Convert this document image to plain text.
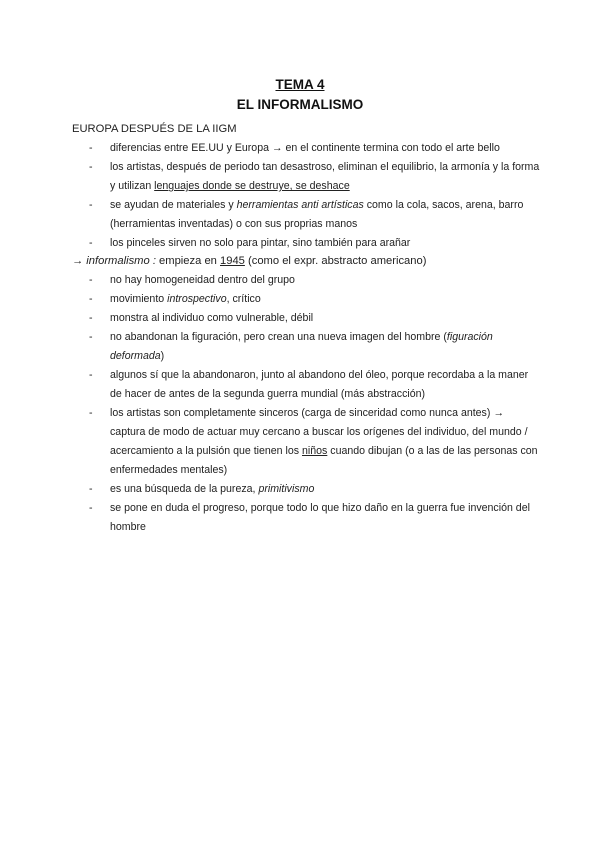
TEMA 4
EL INFORMALISMO
EUROPA DESPUÉS DE LA IIGM
- diferencias entre EE.UU y Europa → en el continente termina con todo el arte bello
- los artistas, después de periodo tan desastroso, eliminan el equilibrio, la armonía y la forma y utilizan lenguajes donde se destruye, se deshace
- se ayudan de materiales y herramientas anti artísticas como la cola, sacos, arena, barro (herramientas inventadas) o con sus proprias manos
- los pinceles sirven no solo para pintar, sino también para arañar
→ informalismo : empieza en 1945 (como el expr. abstracto americano)
- no hay homogeneidad dentro del grupo
- movimiento introspectivo, crítico
- monstra al individuo como vulnerable, débil
- no abandonan la figuración, pero crean una nueva imagen del hombre (figuración deformada)
- algunos sí que la abandonaron, junto al abandono del óleo, porque recordaba a la maner de hacer de antes de la segunda guerra mundial (más abstracción)
- los artistas son completamente sinceros (carga de sinceridad como nunca antes) → captura de modo de actuar muy cercano a buscar los orígenes del individuo, del mundo / acercamiento a la pulsión que tienen los niños cuando dibujan (o a las de las personas con enfermedades mentales)
- es una búsqueda de la pureza, primitivismo
- se pone en duda el progreso, porque todo lo que hizo daño en la guerra fue invención del hombre
